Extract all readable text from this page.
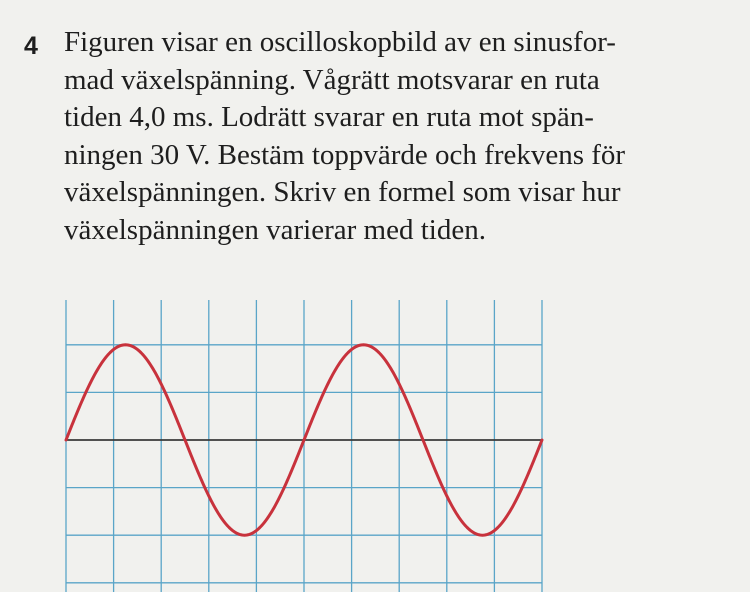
4 Figuren visar en oscilloskopbild av en sinusfor-
mad växelspänning. Vågrätt motsvarar en ruta
tiden 4,0 ms. Lodrätt svarar en ruta mot spän-
ningen 30 V. Bestäm toppvärde och frekvens för
växelspänningen. Skriv en formel som visar hur
växelspänningen varierar med tiden.
